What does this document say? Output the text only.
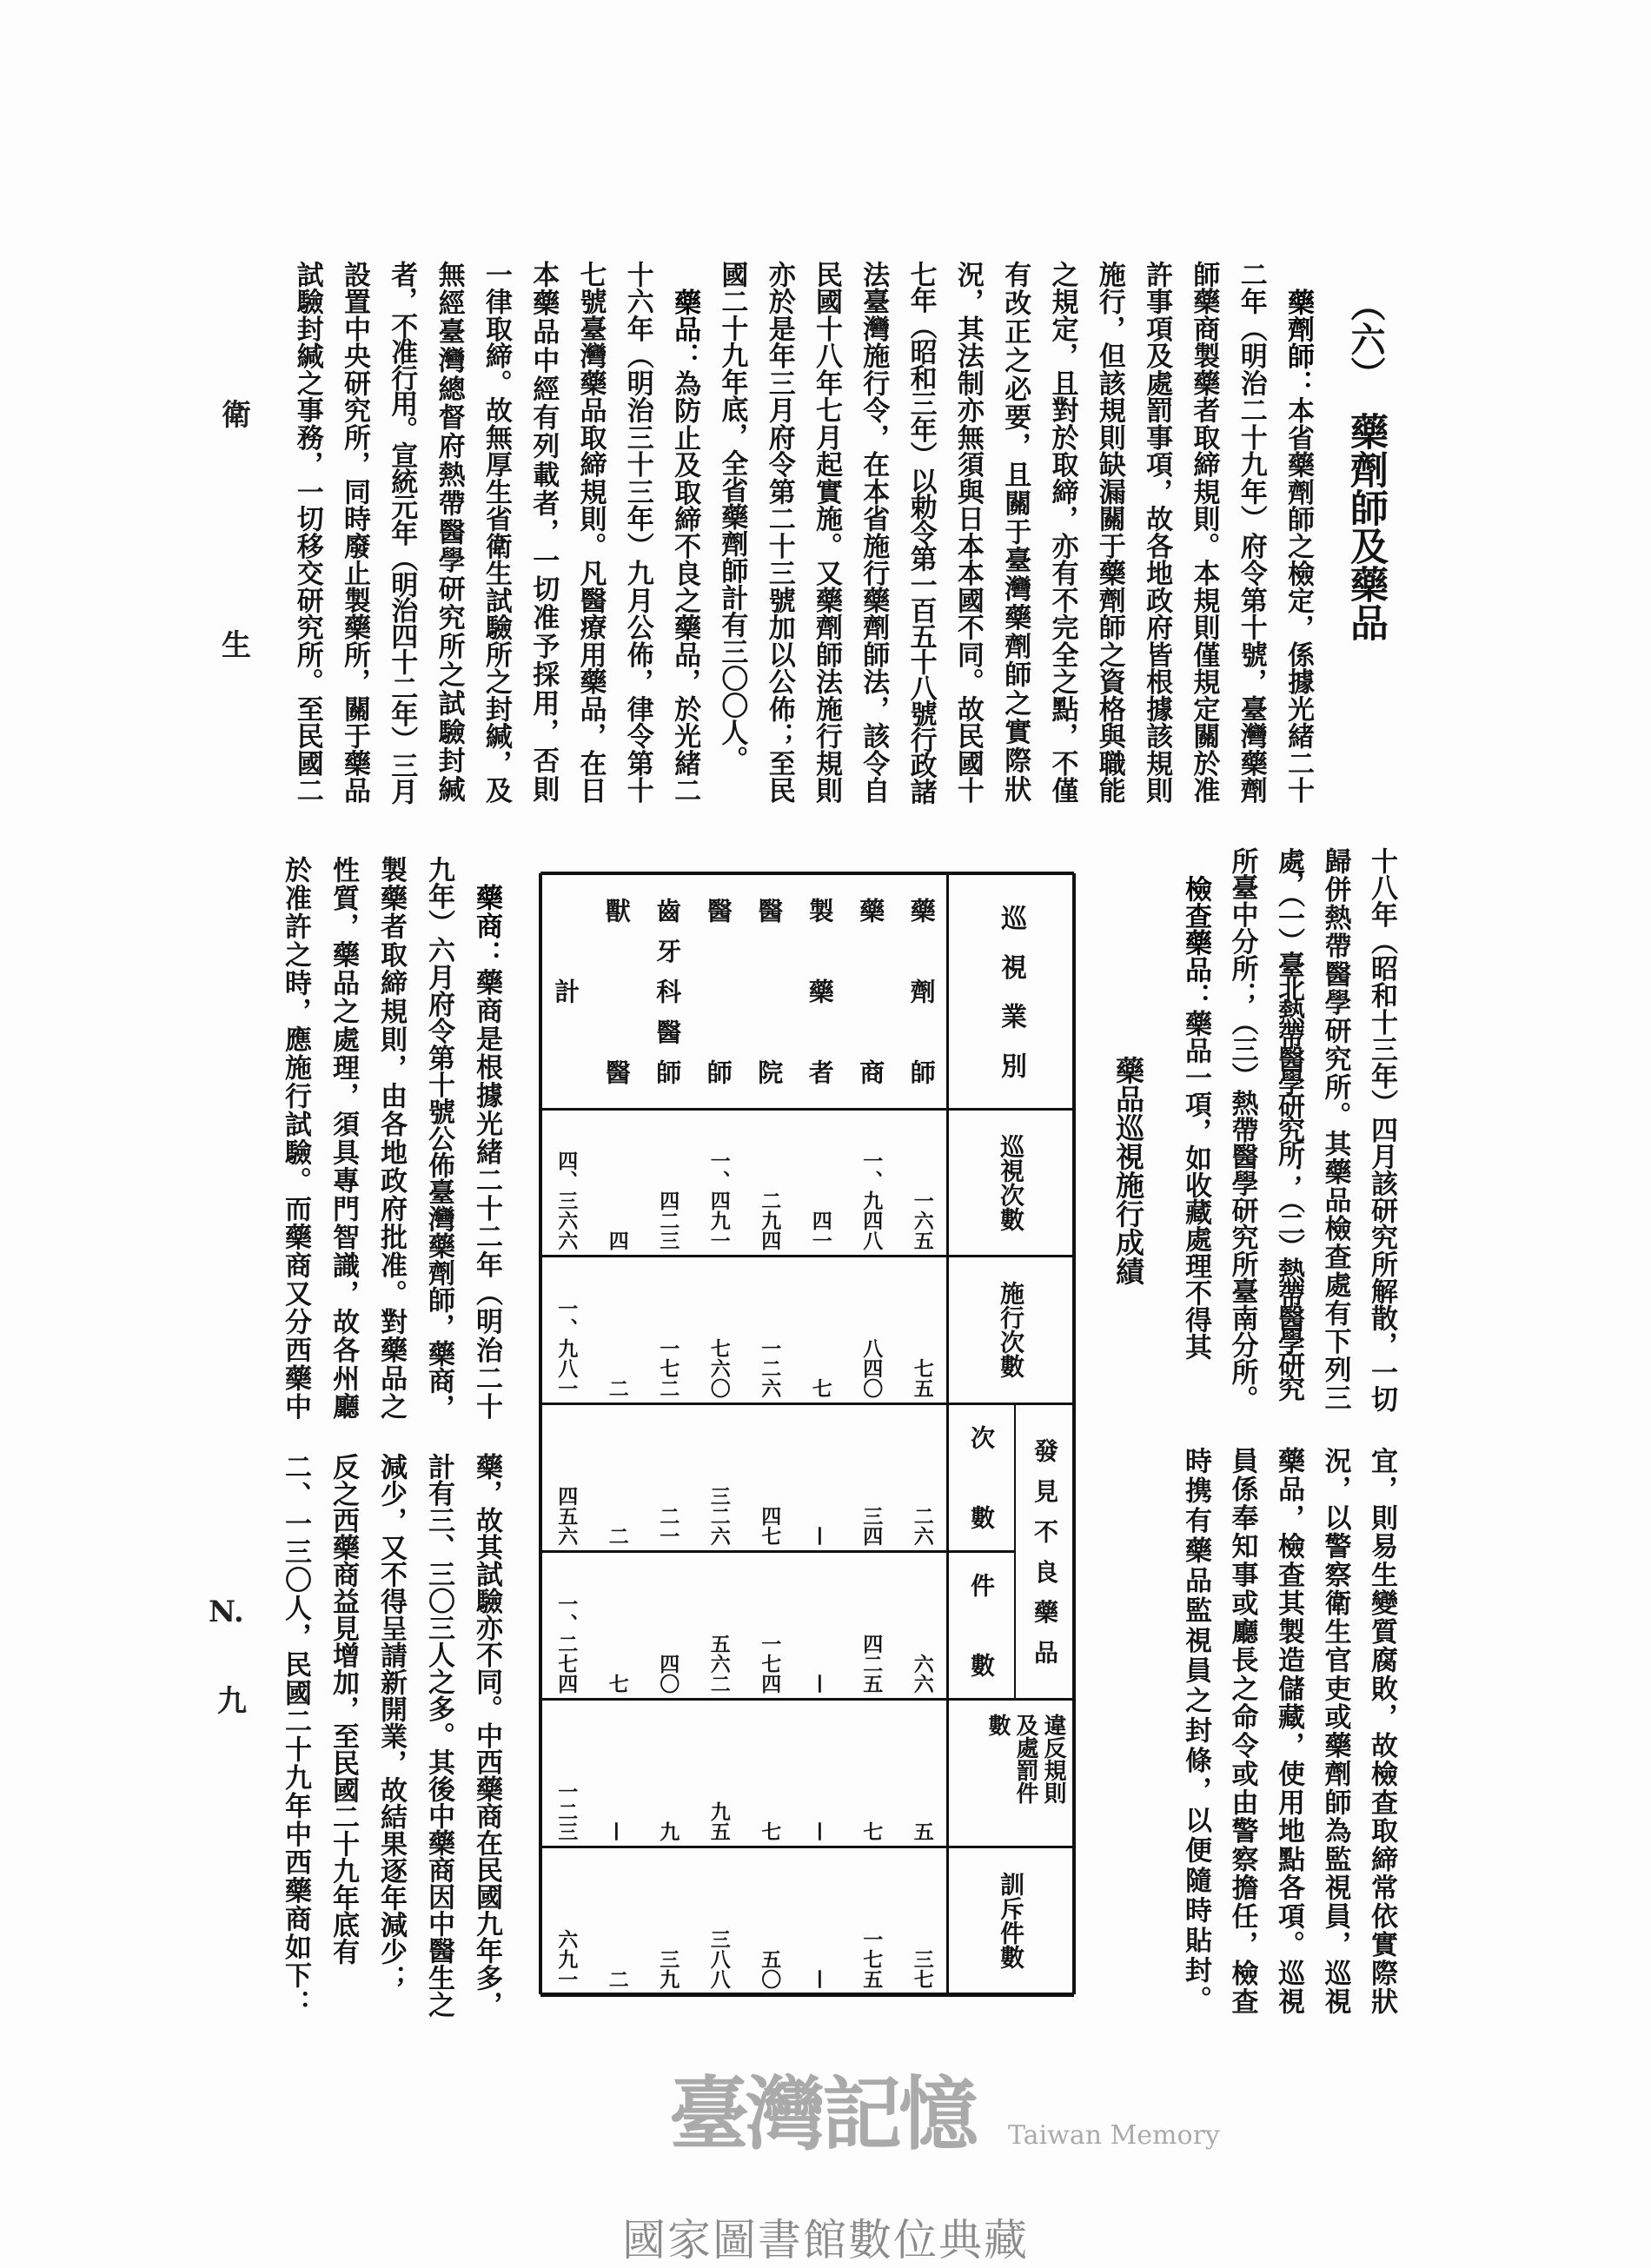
（六）藥劑師及藥品
衛
生
N.
九
藥劑師：本省藥劑師之檢定，係據光緒二十
二年（明治二十九年）府令第十號，臺灣藥劑
師藥商製藥者取締規則。本規則僅規定關於准
許事項及處罰事項，故各地政府皆根據該規則
施行，但該規則缺漏關于藥劑師之資格與職能
之規定，且對於取締，亦有不完全之點，不僅
有改正之必要，且關于臺灣藥劑師之實際狀
況，其法制亦無須與日本本國不同。故民國十
七年（昭和三年）以勅令第一百五十八號行政諸
法臺灣施行令，在本省施行藥劑師法，該令自
民國十八年七月起實施。又藥劑師法施行規則
亦於是年三月府令第二十三號加以公佈；至民
國二十九年底，全省藥劑師計有三〇〇人。
藥品：為防止及取締不良之藥品，於光緒二
十六年（明治三十三年）九月公佈，律令第十
七號臺灣藥品取締規則。凡醫療用藥品，在日
本藥品中經有列載者，一切准予採用，否則
一律取締。故無厚生省衛生試驗所之封緘，及
無經臺灣總督府熱帶醫學研究所之試驗封緘
者，不准行用。宣統元年（明治四十二年）三月
設置中央研究所，同時廢止製藥所，關于藥品
試驗封緘之事務，一切移交研究所。至民國二
十八年（昭和十三年）四月該研究所解散，一切
歸併熱帶醫學研究所。其藥品檢查處有下列三
處，（一）臺北熱帶醫學研究所；（二）熱帶醫學研究
所臺中分所；（三）熱帶醫學研究所臺南分所。
檢查藥品：藥品一項，如收藏處理不得其
宜，則易生變質腐敗，故檢查取締常依實際狀
況，以警察衛生官吏或藥劑師為監視員，巡視
藥品，檢查其製造儲藏，使用地點各項。巡視
員係奉知事或廳長之命令或由警察擔任，檢查
時携有藥品監視員之封條，以便隨時貼封。
藥商：藥商是根據光緒二十二年（明治二十
九年）六月府令第十號公佈臺灣藥劑師，藥商，
製藥者取締規則，由各地政府批准。對藥品之
性質，藥品之處理，須具專門智識，故各州廳
於准許之時，應施行試驗。而藥商又分西藥中
藥，故其試驗亦不同。中西藥商在民國九年多，
計有三、三〇三人之多。其後中藥商因中醫生之
減少，又不得呈請新開業，故結果逐年減少；
反之西藥商益見增加，至民國二十九年底有
二、一三〇人，民國二十九年中西藥商如下：
巡視業別
巡視次數
施行次數
發見不良藥品
次數
件數
違反規則
及處罰件
數
訓斥件數
藥劑師
藥商
製藥者
醫院
醫師
齒牙科醫師
獸醫
計
一六五
一、九四八
四一
二九四
一、四九一
四二三
四
四、三六六
七五
八四〇
七
一二六
七六〇
一七二
二
一、九八一
二六
三四
—
四七
三二六
二一
二
四五六
六六
四二五
—
一七四
五六二
四〇
七
一、二七四
五
七
—
七
九五
九
—
一二三
三七
一七五
—
五〇
三八八
三九
二
六九一
藥品巡視施行成績
臺灣記憶 Taiwan Memory
國家圖書館數位典藏
